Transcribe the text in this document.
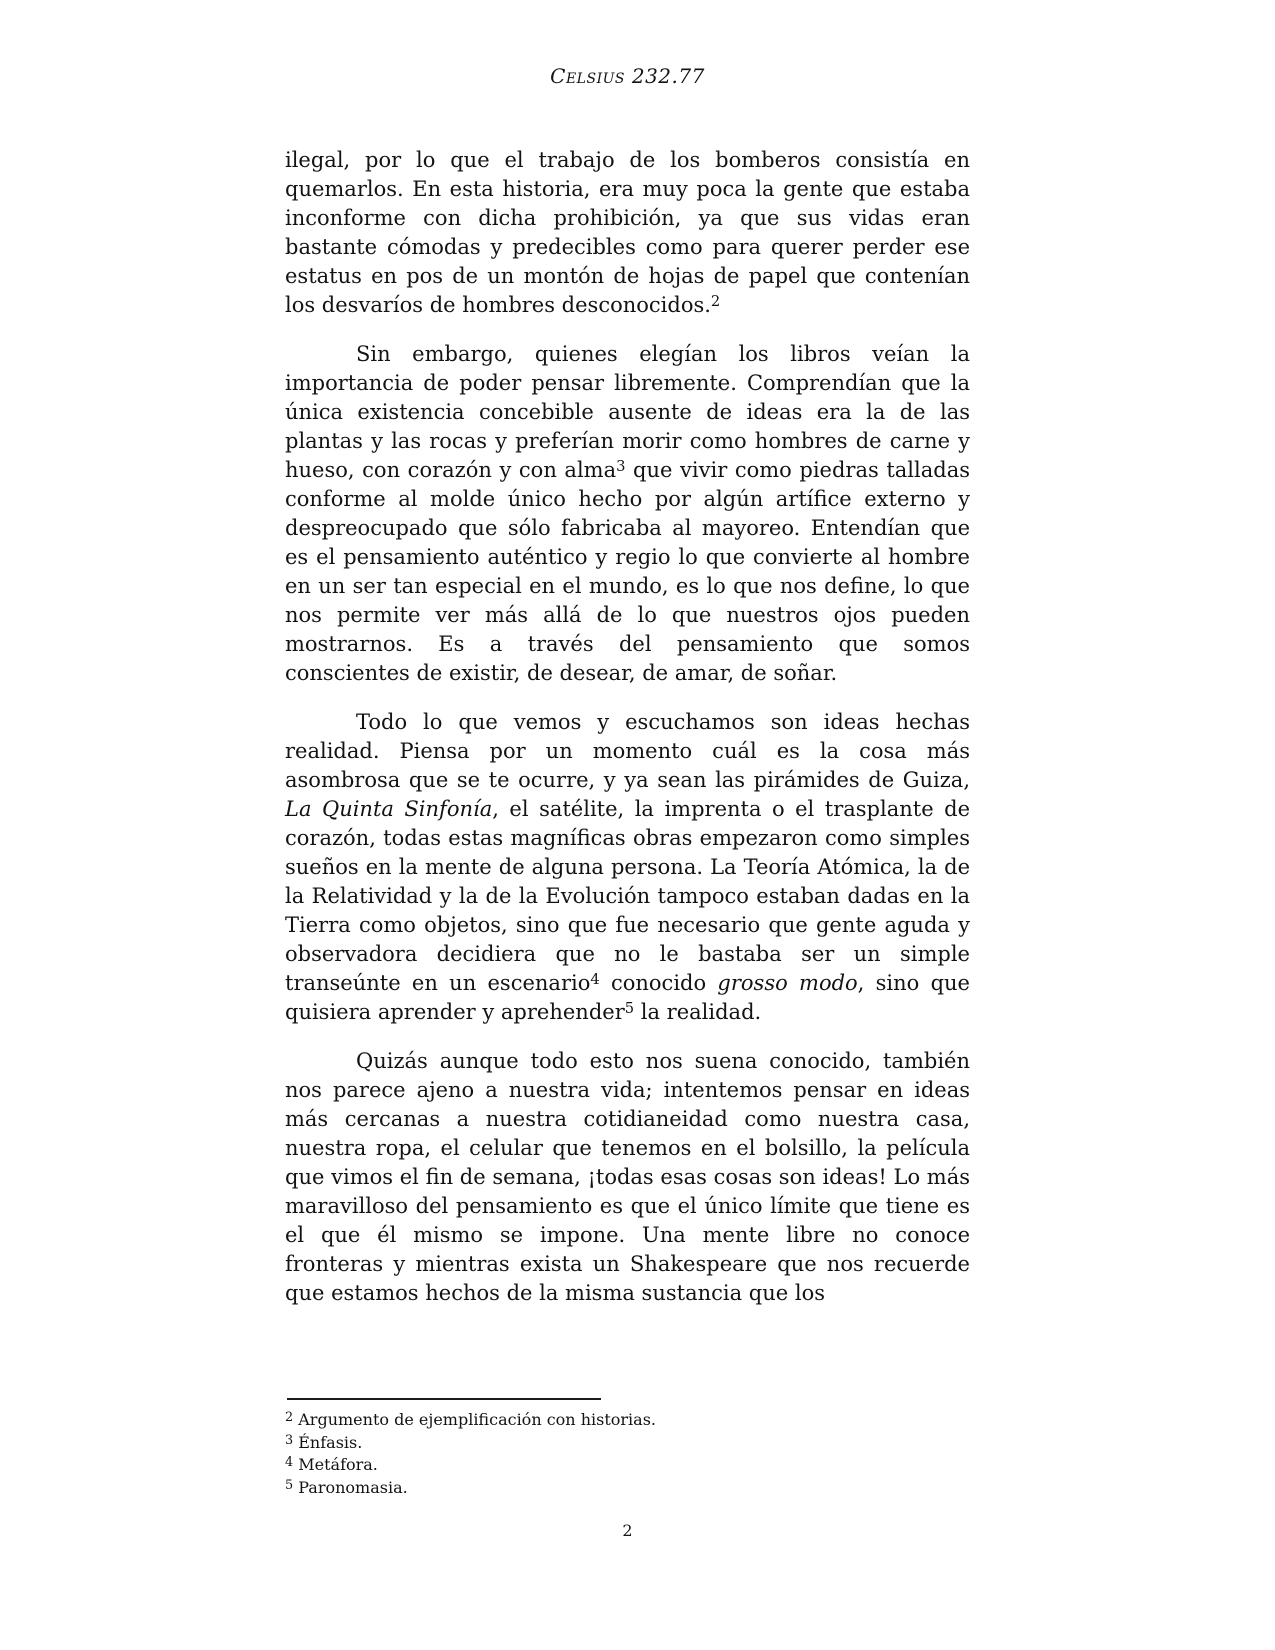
Celsius 232.77

ilegal, por lo que el trabajo de los bomberos consistía en quemarlos. En esta historia, era muy poca la gente que estaba inconforme con dicha prohibición, ya que sus vidas eran bastante cómodas y predecibles como para querer perder ese estatus en pos de un montón de hojas de papel que contenían los desvaríos de hombres desconocidos.$^2$

Sin embargo, quienes elegían los libros veían la importancia de poder pensar libremente. Comprendían que la única existencia concebible ausente de ideas era la de las plantas y las rocas y preferían morir como hombres de carne y hueso, con corazón y con alma$^3$ que vivir como piedras talladas conforme al molde único hecho por algún artífice externo y despreocupado que sólo fabricaba al mayoreo. Entendían que es el pensamiento auténtico y regio lo que convierte al hombre en un ser tan especial en el mundo, es lo que nos define, lo que nos permite ver más allá de lo que nuestros ojos pueden mostrarnos. Es a través del pensamiento que somos conscientes de existir, de desear, de amar, de soñar.

Todo lo que vemos y escuchamos son ideas hechas realidad. Piensa por un momento cuál es la cosa más asombrosa que se te ocurre, y ya sean las pirámides de Guiza, La Quinta Sinfonía, el satélite, la imprenta o el trasplante de corazón, todas estas magníficas obras empezaron como simples sueños en la mente de alguna persona. La Teoría Atómica, la de la Relatividad y la de la Evolución tampoco estaban dadas en la Tierra como objetos, sino que fue necesario que gente aguda y observadora decidiera que no le bastaba ser un simple transeúnte en un escenario$^4$ conocido grosso modo, sino que quisiera aprender y aprehender$^5$ la realidad.

Quizás aunque todo esto nos suena conocido, también nos parece ajeno a nuestra vida; intentemos pensar en ideas más cercanas a nuestra cotidianeidad como nuestra casa, nuestra ropa, el celular que tenemos en el bolsillo, la película que vimos el fin de semana, ¡todas esas cosas son ideas! Lo más maravilloso del pensamiento es que el único límite que tiene es el que él mismo se impone. Una mente libre no conoce fronteras y mientras exista un Shakespeare que nos recuerde que estamos hechos de la misma sustancia que los

$^2$ Argumento de ejemplificación con historias.
$^3$ Énfasis.
$^4$ Metáfora.
$^5$ Paronomasia.
2
